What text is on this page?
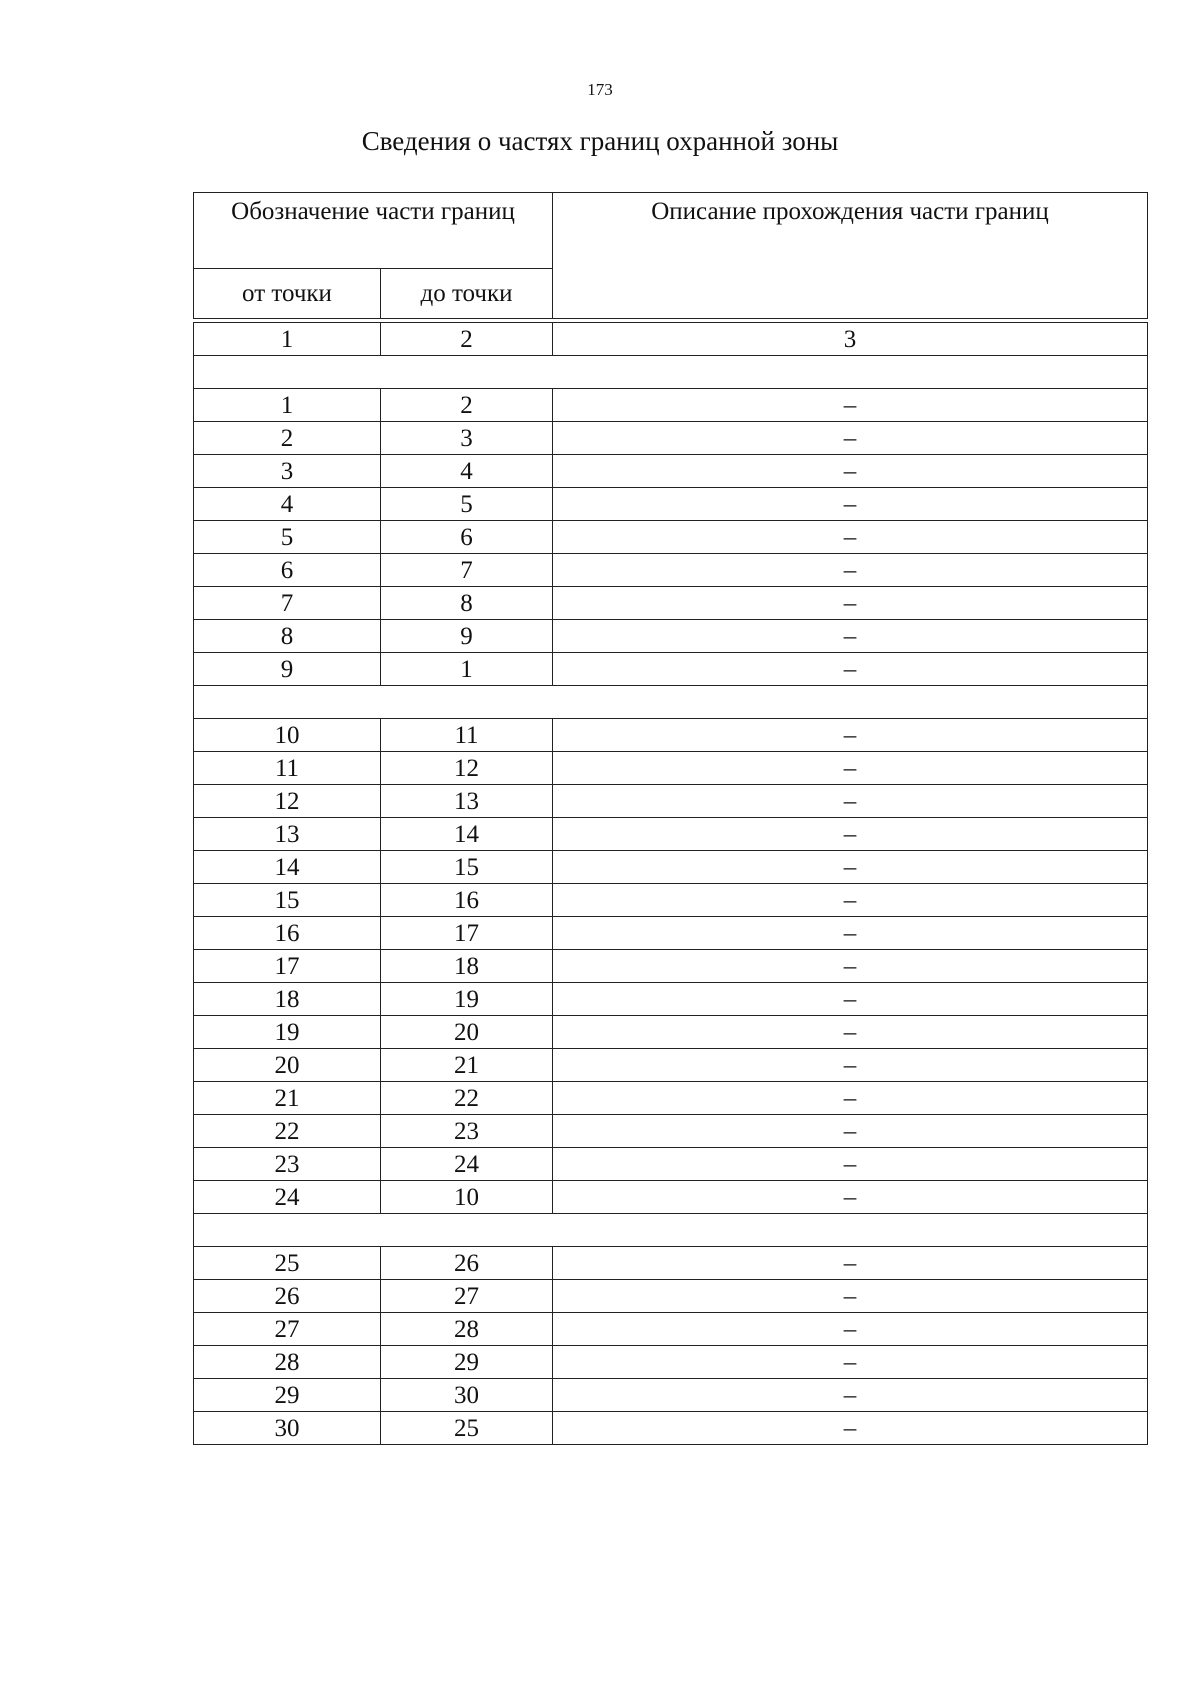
173
Сведения о частях границ охранной зоны
Обозначение части границ		Описание прохождения части границ
от точки	до точки	

1	2	3

1	2	–
2	3	–
3	4	–
4	5	–
5	6	–
6	7	–
7	8	–
8	9	–
9	1	–

10	11	–
11	12	–
12	13	–
13	14	–
14	15	–
15	16	–
16	17	–
17	18	–
18	19	–
19	20	–
20	21	–
21	22	–
22	23	–
23	24	–
24	10	–

25	26	–
26	27	–
27	28	–
28	29	–
29	30	–
30	25	–
